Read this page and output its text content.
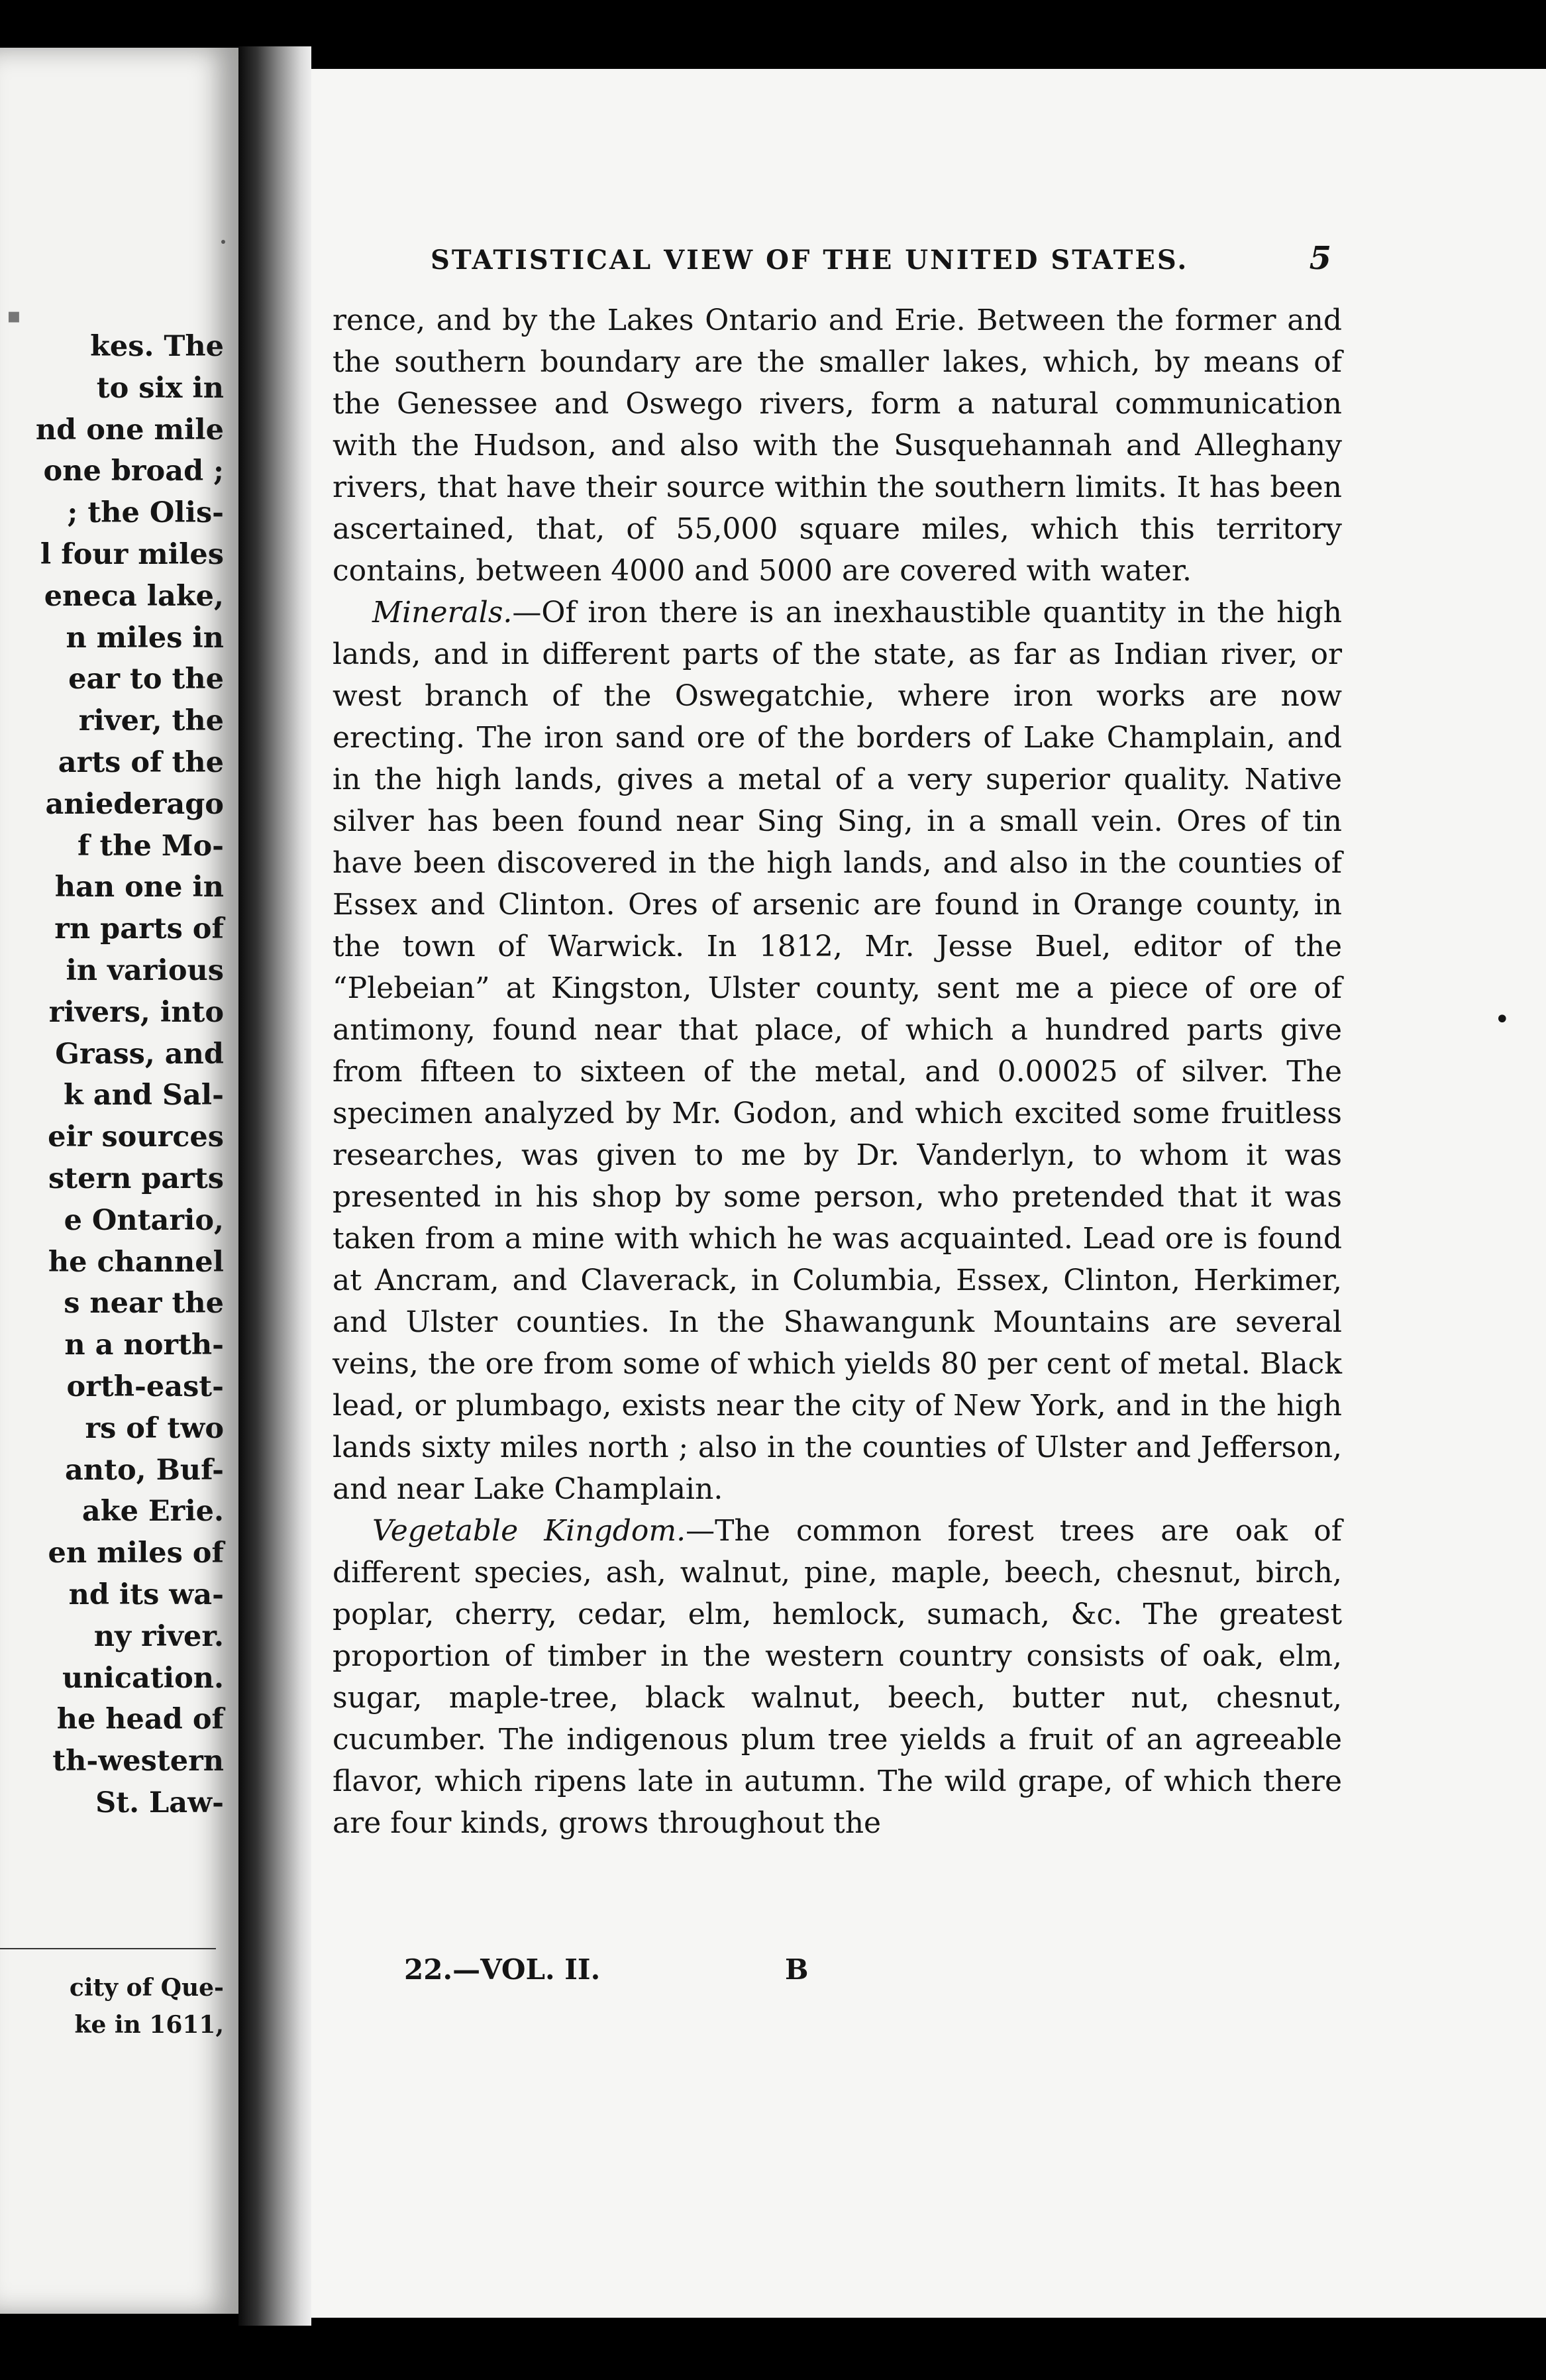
▪
kes. The
to six in
nd one mile
one broad ;
; the Olis-
l four miles
eneca lake,
n miles in
ear to the
river, the
arts of the
aniederago
f the Mo-
han one in
rn parts of
in various
rivers, into
Grass, and
k and Sal-
eir sources
stern parts
e Ontario,
he channel
s near the
n a north-
orth-east-
rs of two
anto, Buf-
ake Erie.
en miles of
nd its wa-
ny river.
unication.
he head of
th-western
St. Law-
city of Que-
ke in 1611,
STATISTICAL VIEW OF THE UNITED STATES.	5

rence, and by the Lakes Ontario and Erie. Between the former and the southern boundary are the smaller lakes, which, by means of the Genessee and Oswego rivers, form a natural communication with the Hudson, and also with the Susquehannah and Alleghany rivers, that have their source within the southern limits. It has been ascertained, that, of 55,000 square miles, which this territory contains, between 4000 and 5000 are covered with water.

Minerals.—Of iron there is an inexhaustible quantity in the high lands, and in different parts of the state, as far as Indian river, or west branch of the Oswegatchie, where iron works are now erecting. The iron sand ore of the borders of Lake Champlain, and in the high lands, gives a metal of a very superior quality. Native silver has been found near Sing Sing, in a small vein. Ores of tin have been discovered in the high lands, and also in the counties of Essex and Clinton. Ores of arsenic are found in Orange county, in the town of Warwick. In 1812, Mr. Jesse Buel, editor of the “Plebeian” at Kingston, Ulster county, sent me a piece of ore of antimony, found near that place, of which a hundred parts give from fifteen to sixteen of the metal, and 0.00025 of silver. The specimen analyzed by Mr. Godon, and which excited some fruitless researches, was given to me by Dr. Vanderlyn, to whom it was presented in his shop by some person, who pretended that it was taken from a mine with which he was acquainted. Lead ore is found at Ancram, and Claverack, in Columbia, Essex, Clinton, Herkimer, and Ulster counties. In the Shawangunk Mountains are several veins, the ore from some of which yields 80 per cent of metal. Black lead, or plumbago, exists near the city of New York, and in the high lands sixty miles north ; also in the counties of Ulster and Jefferson, and near Lake Champlain.

Vegetable Kingdom.—The common forest trees are oak of different species, ash, walnut, pine, maple, beech, chesnut, birch, poplar, cherry, cedar, elm, hemlock, sumach, &c. The greatest proportion of timber in the western country consists of oak, elm, sugar, maple-tree, black walnut, beech, butter nut, chesnut, cucumber. The indigenous plum tree yields a fruit of an agreeable flavor, which ripens late in autumn. The wild grape, of which there are four kinds, grows throughout the

•
22.—VOL. II.	B
